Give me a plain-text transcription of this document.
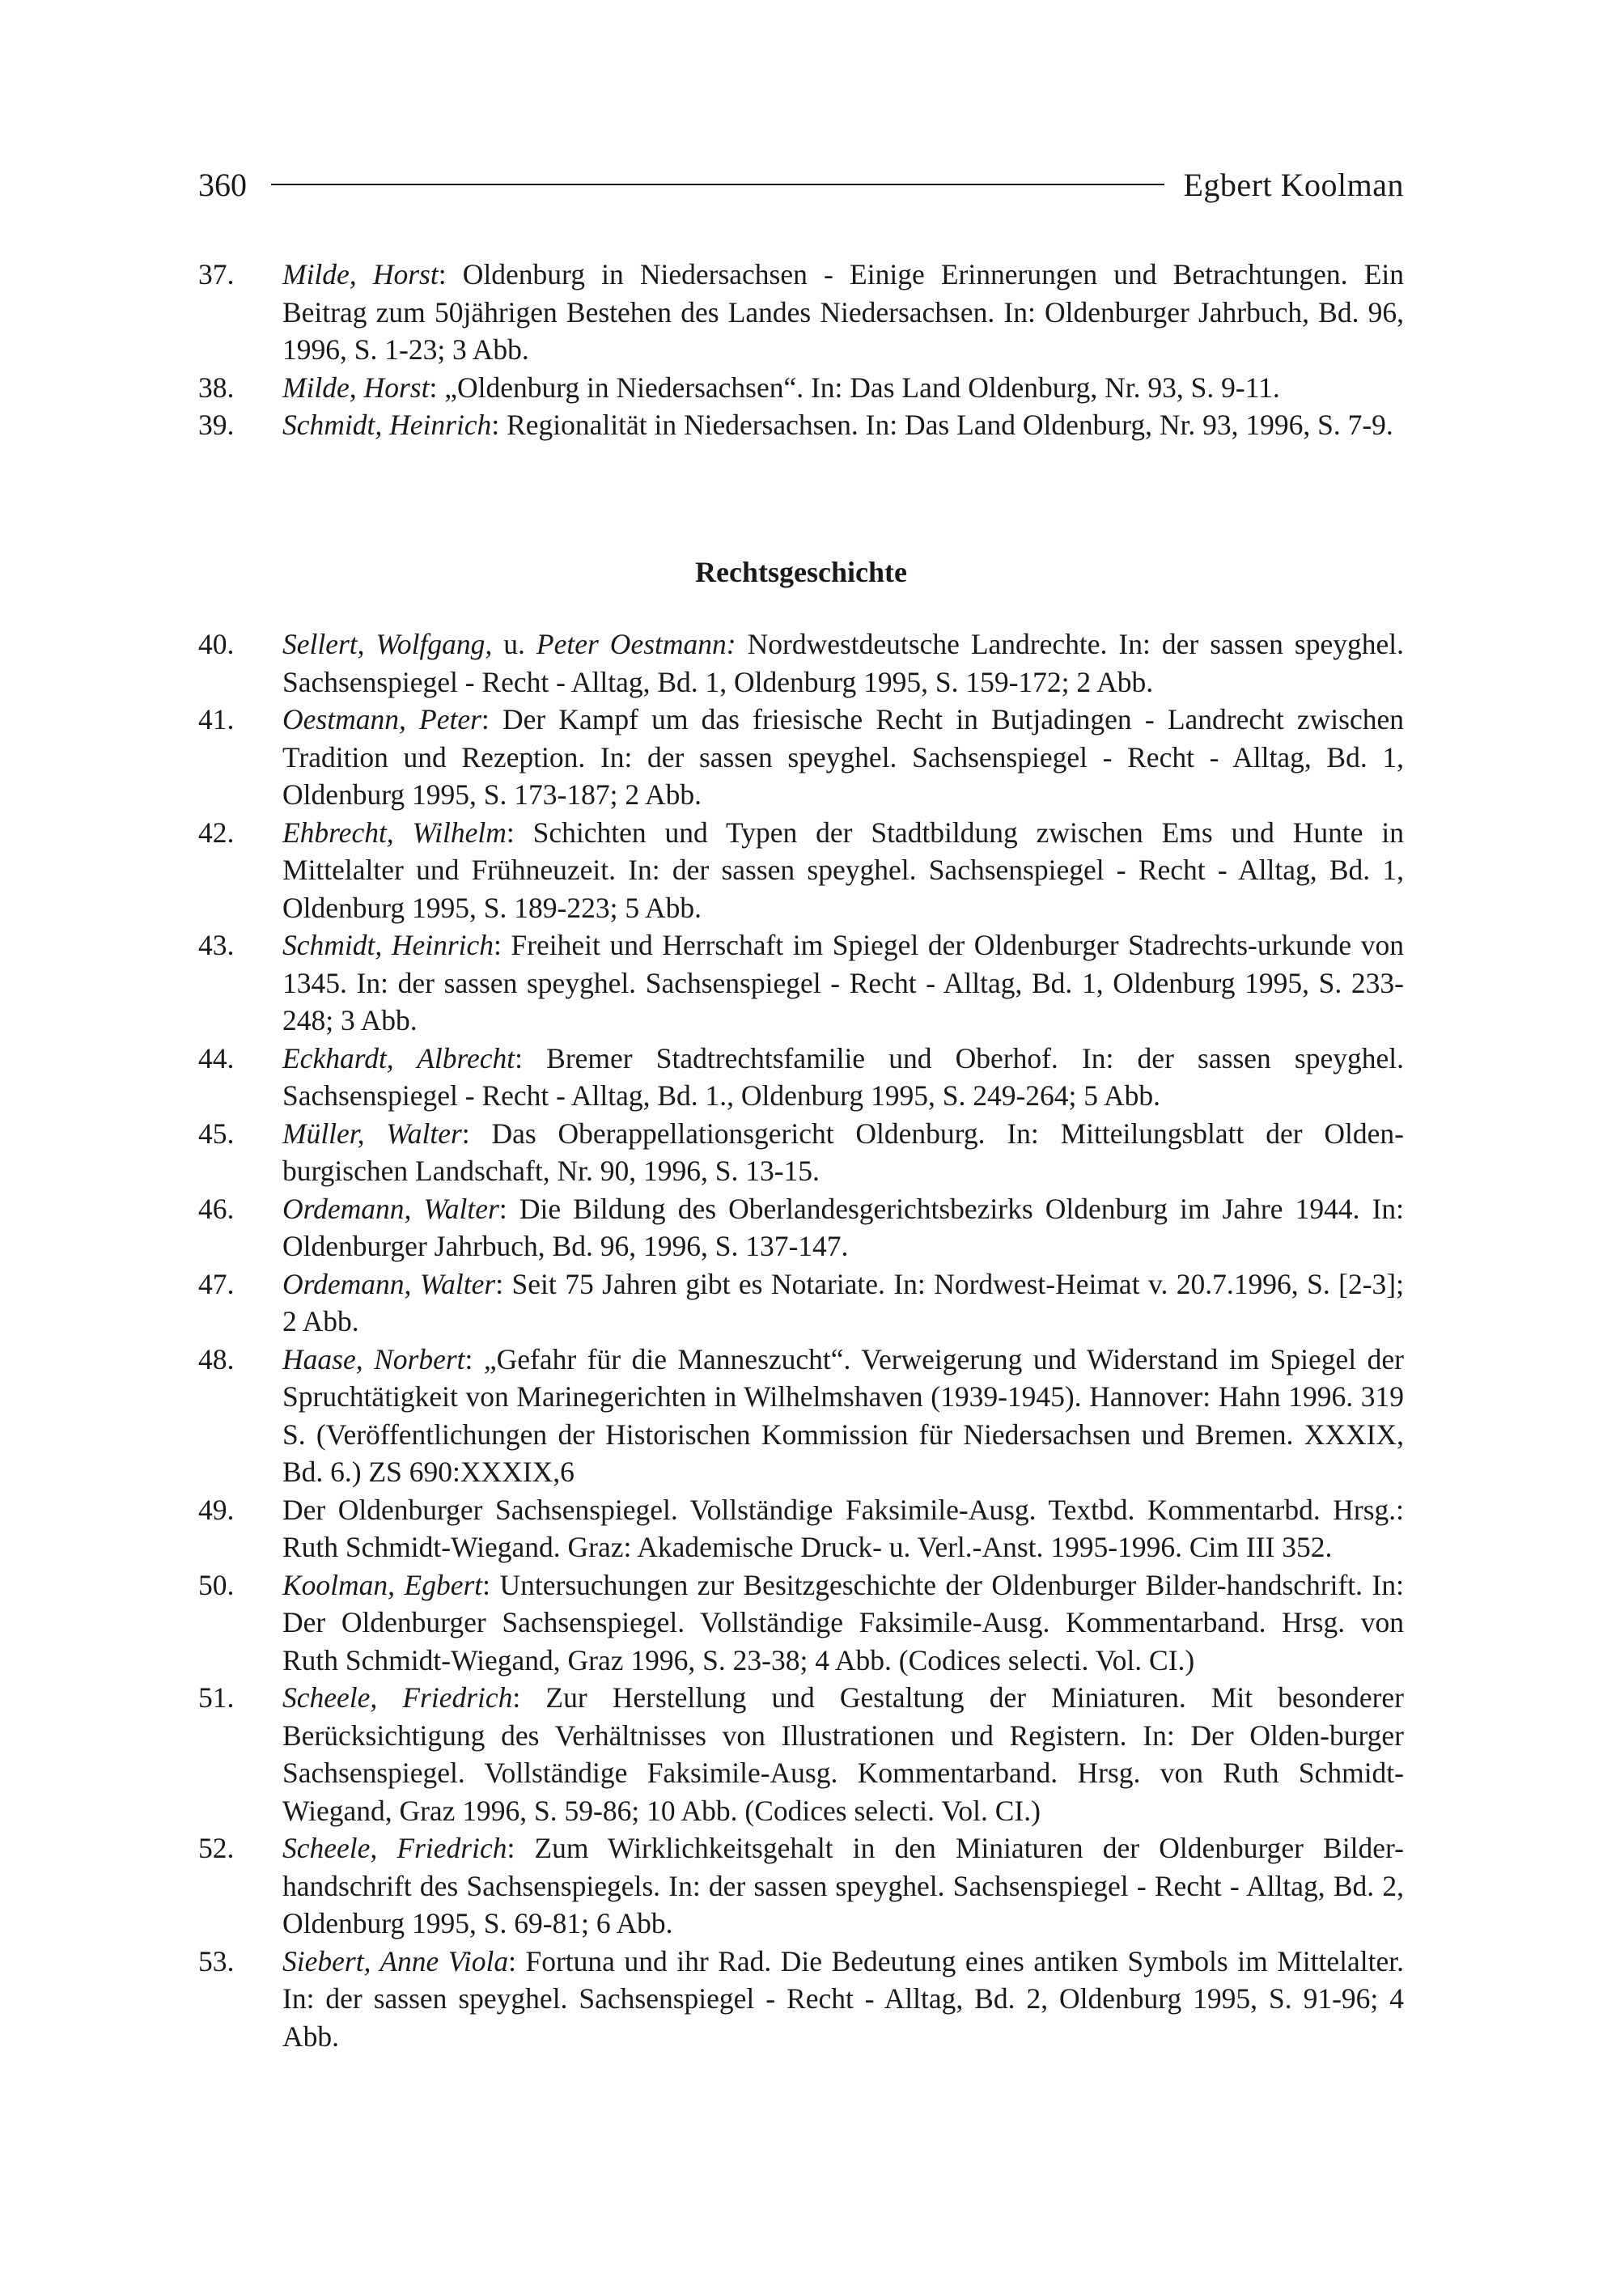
360	Egbert Koolman

37.	Milde, Horst: Oldenburg in Niedersachsen - Einige Erinnerungen und Betrachtungen. Ein Beitrag zum 50jährigen Bestehen des Landes Niedersachsen. In: Oldenburger Jahrbuch, Bd. 96, 1996, S. 1-23; 3 Abb.

38.	Milde, Horst: „Oldenburg in Niedersachsen“. In: Das Land Oldenburg, Nr. 93, S. 9-11.

39.	Schmidt, Heinrich: Regionalität in Niedersachsen. In: Das Land Oldenburg, Nr. 93, 1996, S. 7-9.

Rechtsgeschichte

40.	Sellert, Wolfgang, u. Peter Oestmann: Nordwestdeutsche Landrechte. In: der sassen speyghel. Sachsenspiegel - Recht - Alltag, Bd. 1, Oldenburg 1995, S. 159-172; 2 Abb.

41.	Oestmann, Peter: Der Kampf um das friesische Recht in Butjadingen - Landrecht zwischen Tradition und Rezeption. In: der sassen speyghel. Sachsenspiegel - Recht - Alltag, Bd. 1, Oldenburg 1995, S. 173-187; 2 Abb.

42.	Ehbrecht, Wilhelm: Schichten und Typen der Stadtbildung zwischen Ems und Hunte in Mittelalter und Frühneuzeit. In: der sassen speyghel. Sachsenspiegel - Recht - Alltag, Bd. 1, Oldenburg 1995, S. 189-223; 5 Abb.

43.	Schmidt, Heinrich: Freiheit und Herrschaft im Spiegel der Oldenburger Stadrechts-urkunde von 1345. In: der sassen speyghel. Sachsenspiegel - Recht - Alltag, Bd. 1, Oldenburg 1995, S. 233-248; 3 Abb.

44.	Eckhardt, Albrecht: Bremer Stadtrechtsfamilie und Oberhof. In: der sassen speyghel. Sachsenspiegel - Recht - Alltag, Bd. 1., Oldenburg 1995, S. 249-264; 5 Abb.

45.	Müller, Walter: Das Oberappellationsgericht Oldenburg. In: Mitteilungsblatt der Olden-burgischen Landschaft, Nr. 90, 1996, S. 13-15.

46.	Ordemann, Walter: Die Bildung des Oberlandesgerichtsbezirks Oldenburg im Jahre 1944. In: Oldenburger Jahrbuch, Bd. 96, 1996, S. 137-147.

47.	Ordemann, Walter: Seit 75 Jahren gibt es Notariate. In: Nordwest-Heimat v. 20.7.1996, S. [2-3]; 2 Abb.

48.	Haase, Norbert: „Gefahr für die Manneszucht“. Verweigerung und Widerstand im Spiegel der Spruchtätigkeit von Marinegerichten in Wilhelmshaven (1939-1945). Hannover: Hahn 1996. 319 S. (Veröffentlichungen der Historischen Kommission für Niedersachsen und Bremen. XXXIX, Bd. 6.) ZS 690:XXXIX,6

49.	Der Oldenburger Sachsenspiegel. Vollständige Faksimile-Ausg. Textbd. Kommentarbd. Hrsg.: Ruth Schmidt-Wiegand. Graz: Akademische Druck- u. Verl.-Anst. 1995-1996. Cim III 352.

50.	Koolman, Egbert: Untersuchungen zur Besitzgeschichte der Oldenburger Bilder-handschrift. In: Der Oldenburger Sachsenspiegel. Vollständige Faksimile-Ausg. Kommentarband. Hrsg. von Ruth Schmidt-Wiegand, Graz 1996, S. 23-38; 4 Abb. (Codices selecti. Vol. CI.)

51.	Scheele, Friedrich: Zur Herstellung und Gestaltung der Miniaturen. Mit besonderer Berücksichtigung des Verhältnisses von Illustrationen und Registern. In: Der Olden-burger Sachsenspiegel. Vollständige Faksimile-Ausg. Kommentarband. Hrsg. von Ruth Schmidt-Wiegand, Graz 1996, S. 59-86; 10 Abb. (Codices selecti. Vol. CI.)

52.	Scheele, Friedrich: Zum Wirklichkeitsgehalt in den Miniaturen der Oldenburger Bilder-handschrift des Sachsenspiegels. In: der sassen speyghel. Sachsenspiegel - Recht - Alltag, Bd. 2, Oldenburg 1995, S. 69-81; 6 Abb.

53.	Siebert, Anne Viola: Fortuna und ihr Rad. Die Bedeutung eines antiken Symbols im Mittelalter. In: der sassen speyghel. Sachsenspiegel - Recht - Alltag, Bd. 2, Oldenburg 1995, S. 91-96; 4 Abb.
